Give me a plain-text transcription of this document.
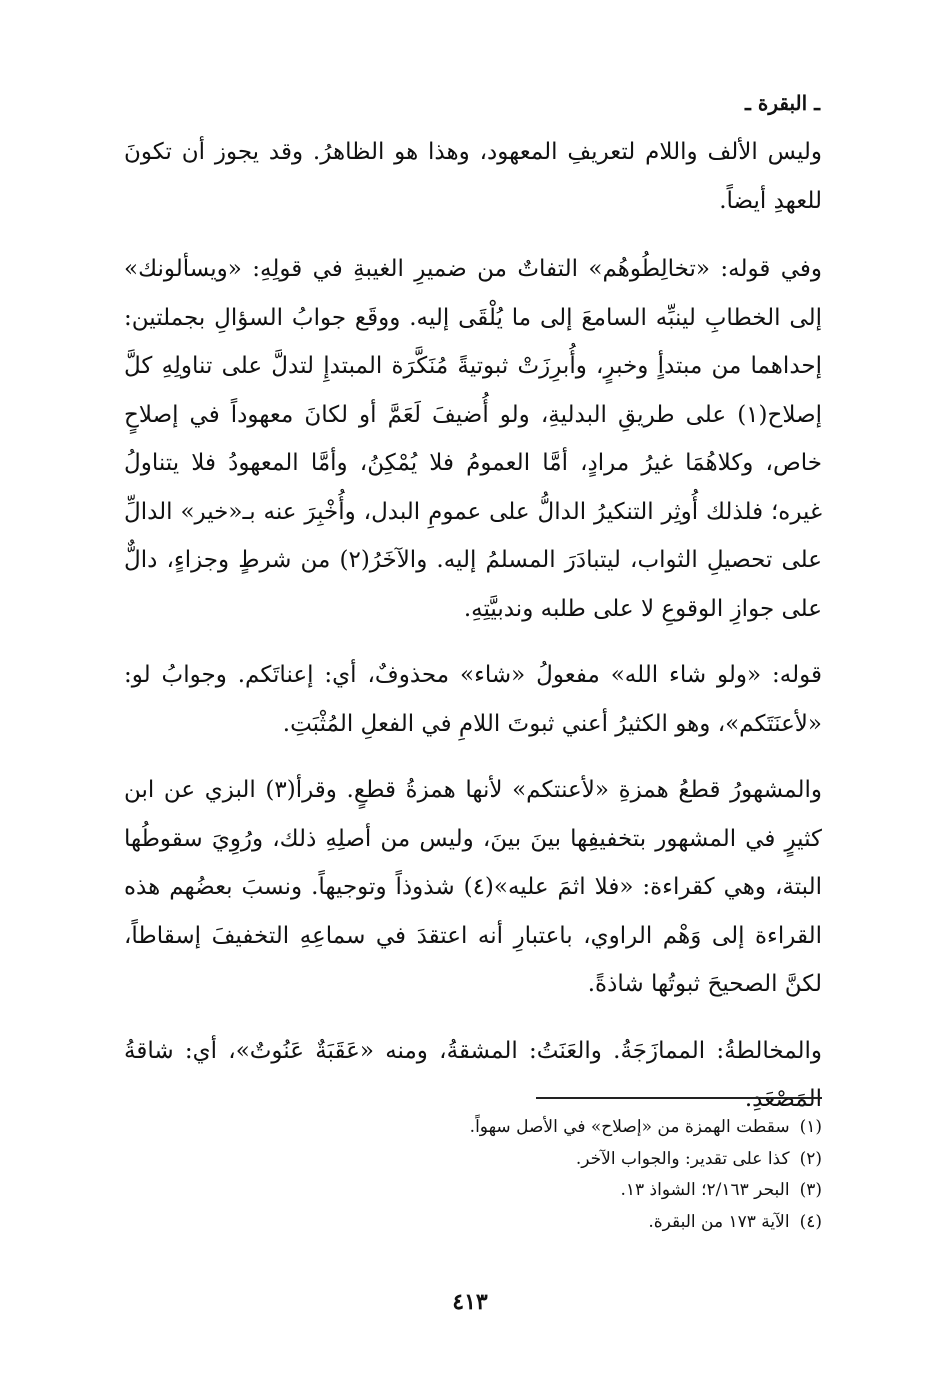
ـ البقرة ـ

وليس الألف واللام لتعريفِ المعهود، وهذا هو الظاهرُ. وقد يجوز أن تكونَ للعهدِ أيضاً.

وفي قوله: «تخالِطُوهُم» التفاتٌ من ضميرِ الغيبةِ في قولِهِ: «ويسألونك» إلى الخطابِ لينبِّه السامعَ إلى ما يُلْقَى إليه. ووقَع جوابُ السؤالِ بجملتين: إحداهما من مبتدأٍ وخبرٍ، وأُبرِزَتْ ثبوتيةً مُنَكَّرَة المبتدإِ لتدلَّ على تناولِهِ كلَّ إصلاح(١) على طريقِ البدليةِ، ولو أُضيفَ لَعَمَّ أو لكانَ معهوداً في إصلاحٍ خاص، وكلاهُمَا غيرُ مرادٍ، أمَّا العمومُ فلا يُمْكِنُ، وأمَّا المعهودُ فلا يتناولُ غيره؛ فلذلك أُوثِر التنكيرُ الدالُّ على عمومِ البدل، وأُخْبِرَ عنه بـ«خير» الدالِّ على تحصيلِ الثواب، ليتبادَرَ المسلمُ إليه. والآخَرُ(٢) من شرطٍ وجزاءٍ، دالٌّ على جوازِ الوقوعِ لا على طلبه وندبيَّتِهِ.

قوله: «ولو شاء الله» مفعولُ «شاء» محذوفٌ، أي: إعناتَكم. وجوابُ لو: «لأعنَتَكم»، وهو الكثيرُ أعني ثبوتَ اللامِ في الفعلِ المُثْبَتِ.

والمشهورُ قطعُ همزةِ «لأعنتكم» لأنها همزةُ قطعٍ. وقرأ(٣) البزي عن ابن كثيرٍ في المشهور بتخفيفِها بينَ بينَ، وليس من أصلِهِ ذلك، ورُوِيَ سقوطُها البتة، وهي كقراءة: «فلا اثمَ عليه»(٤) شذوذاً وتوجيهاً. ونسبَ بعضُهم هذه القراءة إلى وَهْم الراوي، باعتبارِ أنه اعتقدَ في سماعِهِ التخفيفَ إسقاطاً، لكنَّ الصحيحَ ثبوتُها شاذةً.

والمخالطةُ: الممازَجَةُ. والعَنَتُ: المشقةُ، ومنه «عَقَبَةٌ عَنُوتٌ»، أي: شاقةُ المَصْعَدِ.

(١)سقطت الهمزة من «إصلاح» في الأصل سهواً.
(٢)كذا على تقدير: والجواب الآخر.
(٣)البحر ٢/١٦٣؛ الشواذ ١٣.
(٤)الآية ١٧٣ من البقرة.
٤١٣
